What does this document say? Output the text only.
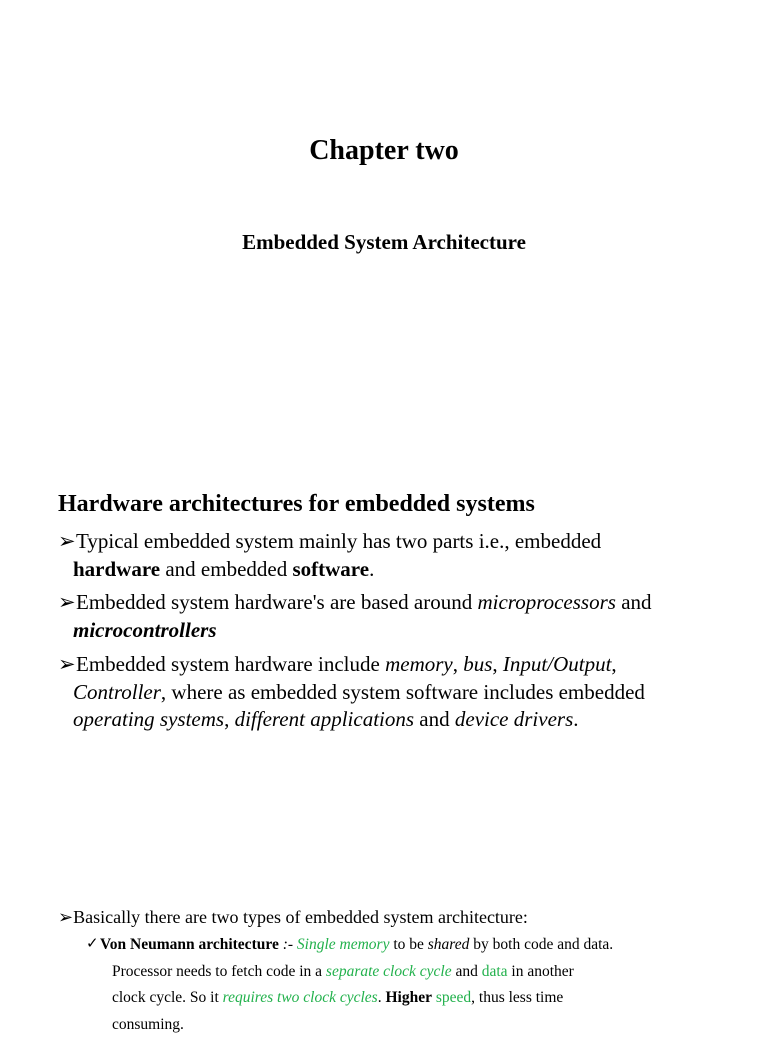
Chapter two
Embedded System Architecture
Hardware architectures for embedded systems
➢ Typical embedded system mainly has two parts i.e., embedded
hardware and embedded software.
➢ Embedded system hardware's are based around microprocessors and
microcontrollers
➢ Embedded system hardware include memory, bus, Input/Output,
Controller, where as embedded system software includes embedded
operating systems, different applications and device drivers.
➢Basically there are two types of embedded system architecture:
✓ Von Neumann architecture :- Single memory to be shared by both code and data.
Processor needs to fetch code in a separate clock cycle and data in another
clock cycle. So it requires two clock cycles. Higher speed, thus less time
consuming.
